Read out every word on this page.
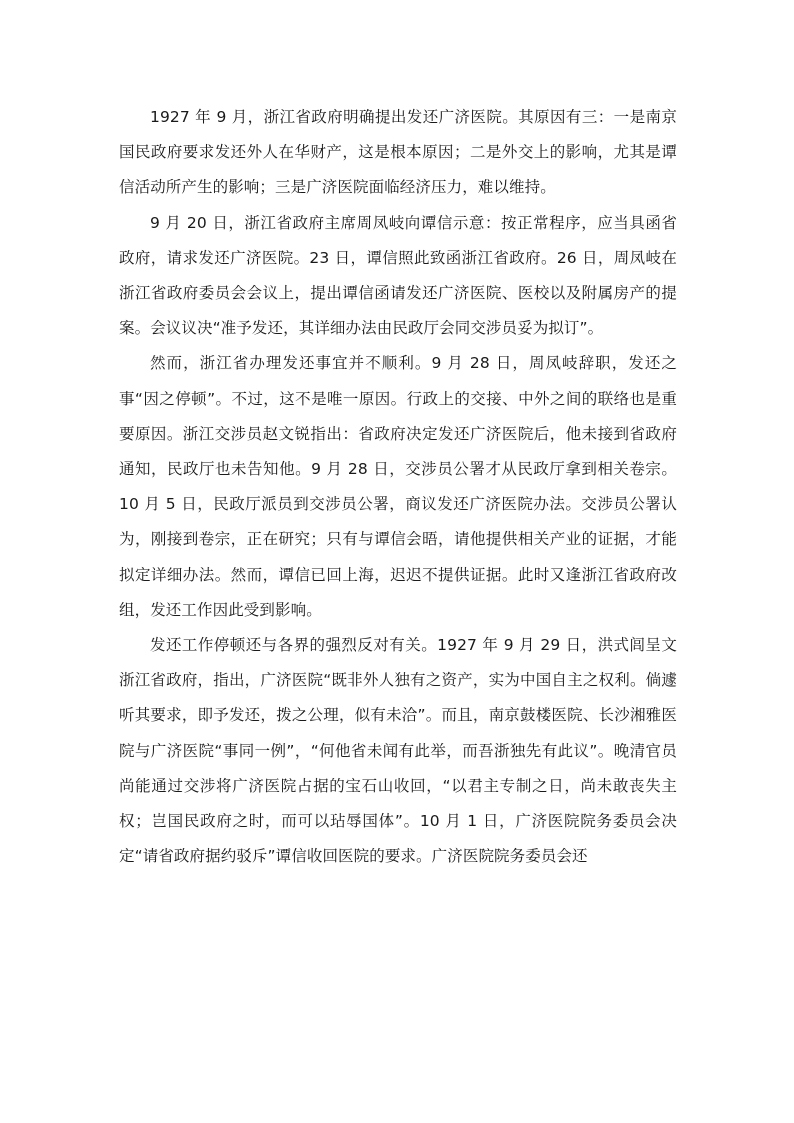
1927 年 9 月，浙江省政府明确提出发还广济医院。其原因有三：一是南京国民政府要求发还外人在华财产，这是根本原因；二是外交上的影响，尤其是谭信活动所产生的影响；三是广济医院面临经济压力，难以维持。

9 月 20 日，浙江省政府主席周凤岐向谭信示意：按正常程序，应当具函省政府，请求发还广济医院。23 日，谭信照此致函浙江省政府。26 日，周凤岐在浙江省政府委员会会议上，提出谭信函请发还广济医院、医校以及附属房产的提案。会议议决“准予发还，其详细办法由民政厅会同交涉员妥为拟订”。

然而，浙江省办理发还事宜并不顺利。9 月 28 日，周凤岐辞职，发还之事“因之停顿”。不过，这不是唯一原因。行政上的交接、中外之间的联络也是重要原因。浙江交涉员赵文锐指出：省政府决定发还广济医院后，他未接到省政府通知，民政厅也未告知他。9 月 28 日，交涉员公署才从民政厅拿到相关卷宗。10 月 5 日，民政厅派员到交涉员公署，商议发还广济医院办法。交涉员公署认为，刚接到卷宗，正在研究；只有与谭信会晤，请他提供相关产业的证据，才能拟定详细办法。然而，谭信已回上海，迟迟不提供证据。此时又逢浙江省政府改组，发还工作因此受到影响。

发还工作停顿还与各界的强烈反对有关。1927 年 9 月 29 日，洪式闾呈文浙江省政府，指出，广济医院“既非外人独有之资产，实为中国自主之权利。倘遽听其要求，即予发还，拨之公理，似有未洽”。而且，南京鼓楼医院、长沙湘雅医院与广济医院“事同一例”，“何他省未闻有此举，而吾浙独先有此议”。晚清官员尚能通过交涉将广济医院占据的宝石山收回，“以君主专制之日，尚未敢丧失主权；岂国民政府之时，而可以玷辱国体”。10 月 1 日，广济医院院务委员会决定“请省政府据约驳斥”谭信收回医院的要求。广济医院院务委员会还
